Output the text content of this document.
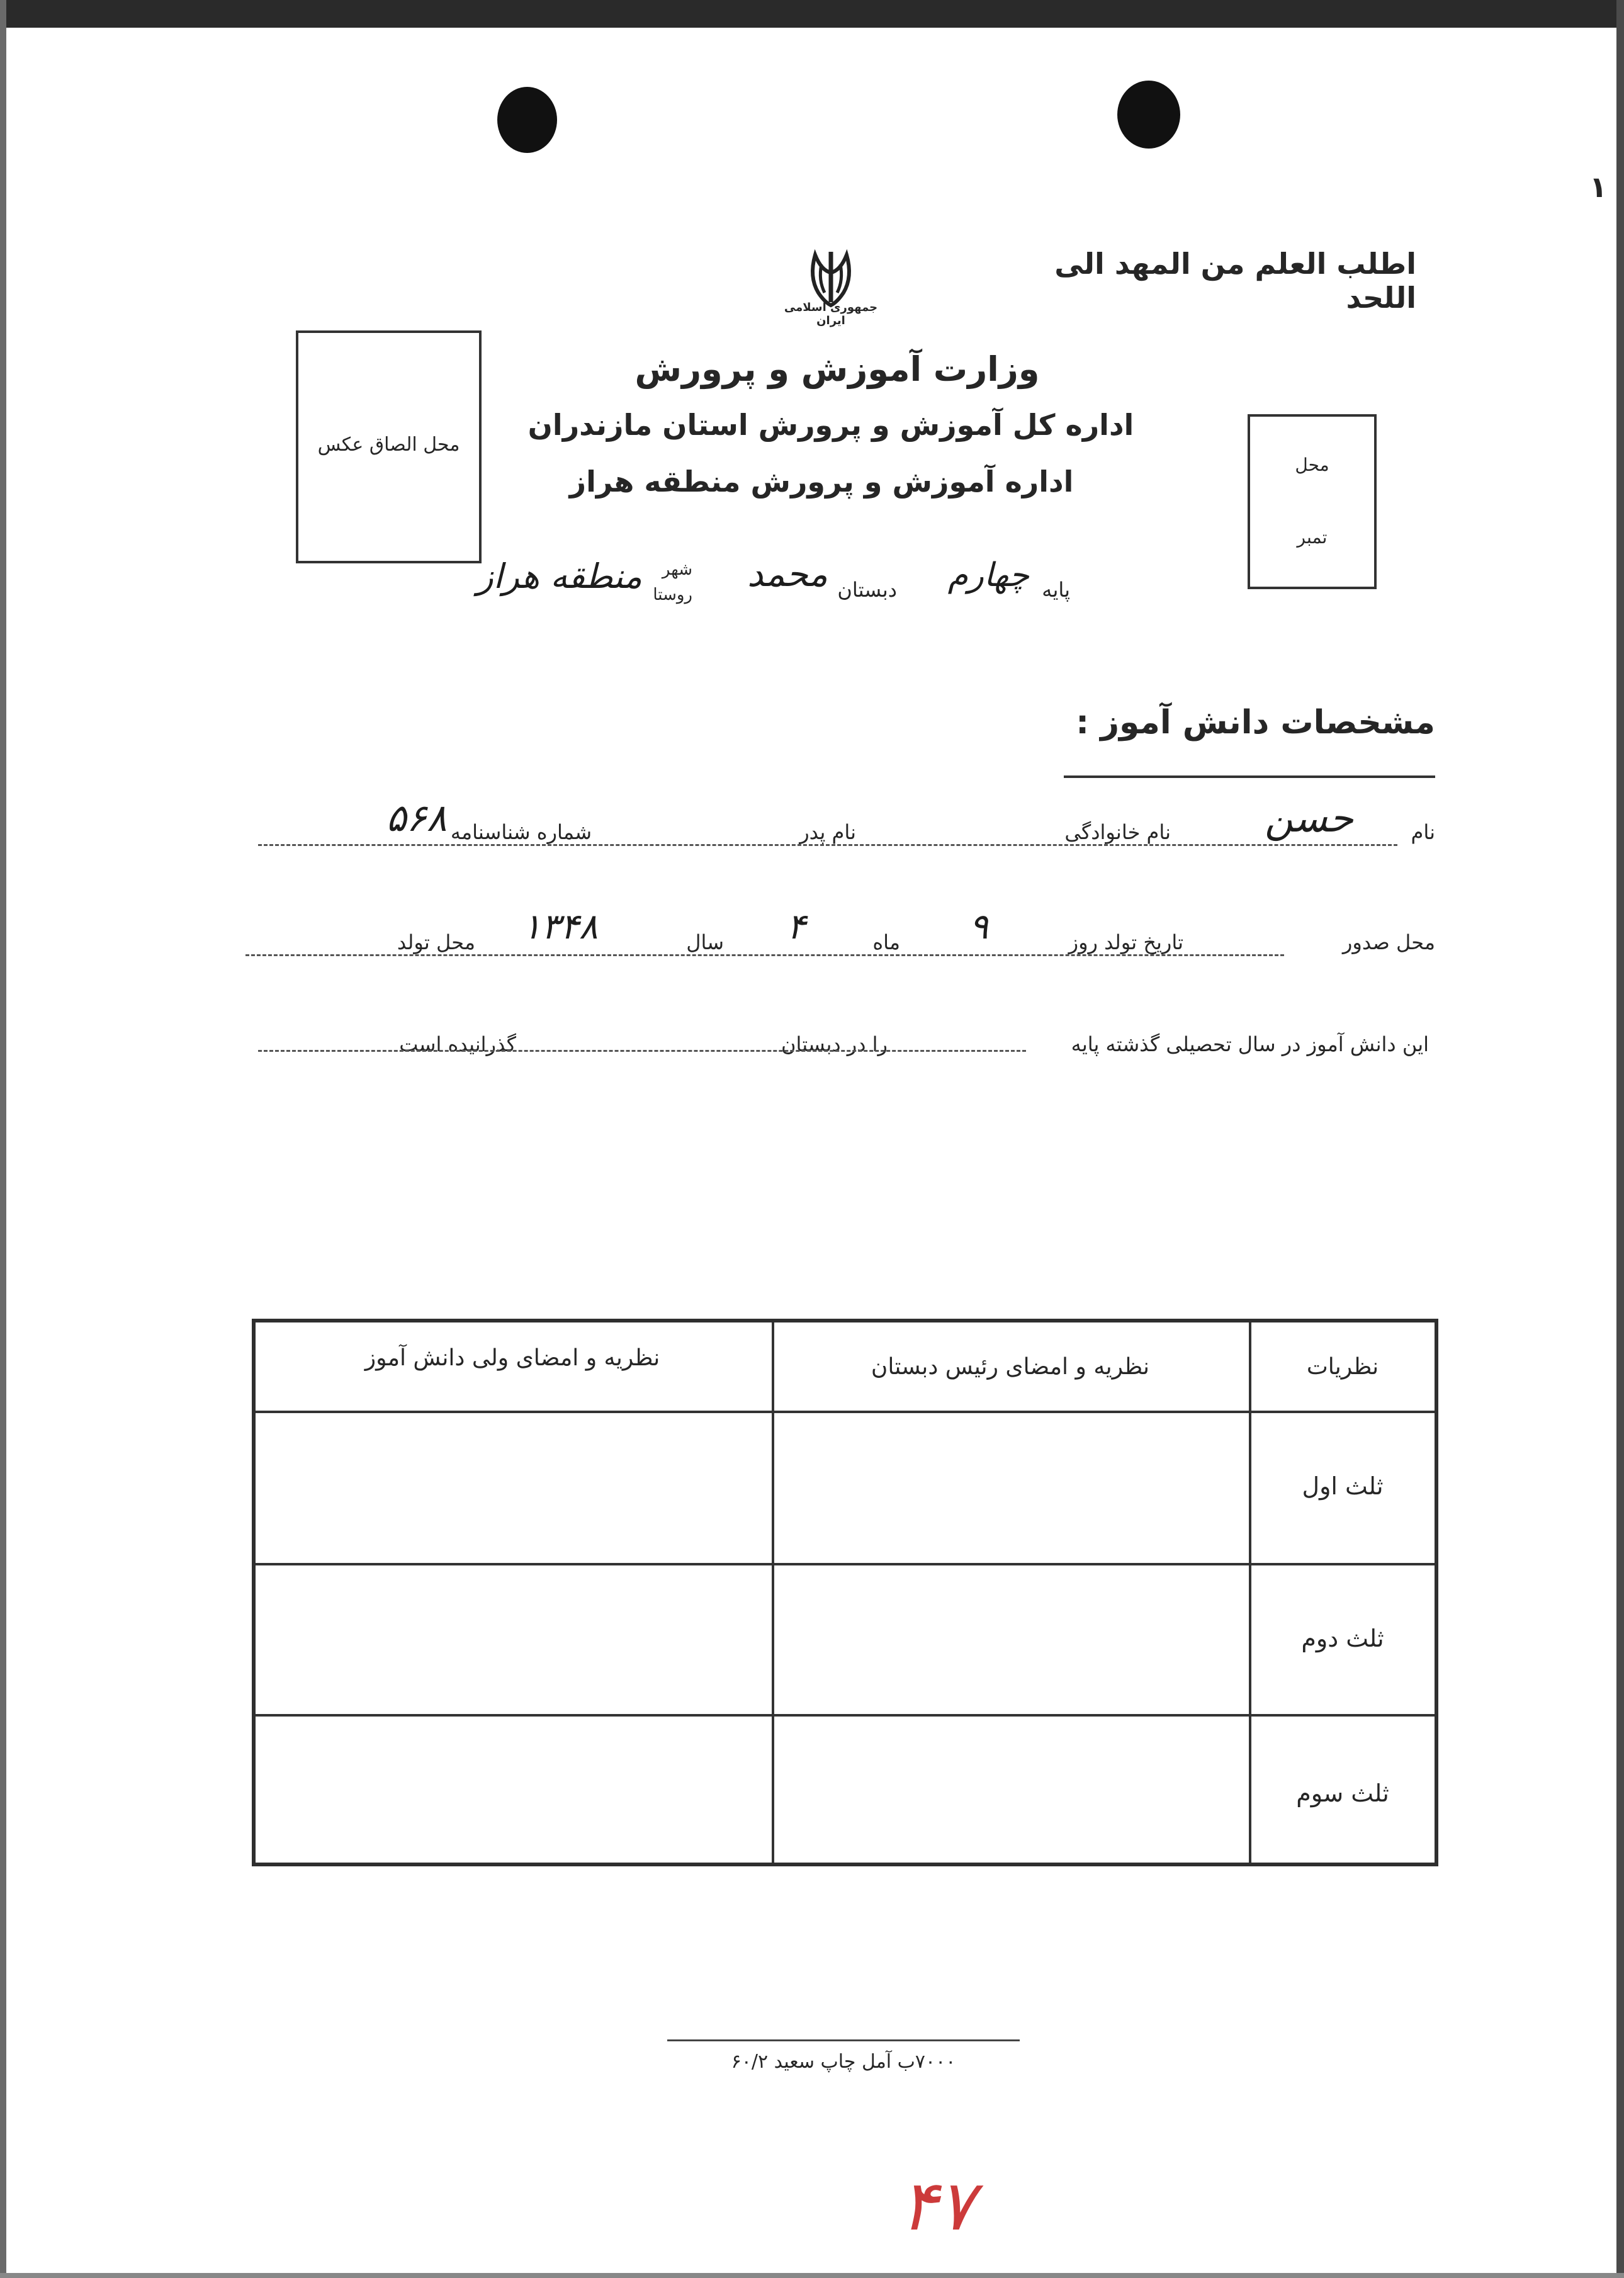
١
اطلب العلم من المهد الی اللحد
جمهوری اسلامی ایران
محل الصاق عکس
محل
تمبر
وزارت آموزش و پرورش
اداره کل آموزش و پرورش استان مازندران
اداره آموزش و پرورش منطقه هراز
پایه
چهارم
دبستان
محمد
روستا
شهر
منطقه هراز
مشخصات دانش آموز :
نام
حسن
نام خانوادگی
نام پدر
شماره شناسنامه
۵۶۸
محل صدور
تاریخ تولد روز
۹
ماه
۴
سال
۱۳۴۸
محل تولد
این دانش آموز در سال تحصیلی گذشته پایه
را در دبستان
گذرانیده است
نظریات
نظریه و امضای رئیس دبستان
نظریه و امضای ولی دانش آموز
ثلث اول
ثلث دوم
ثلث سوم
۷۰۰۰ب آمل چاپ سعید ۶۰/۲
۴۷
